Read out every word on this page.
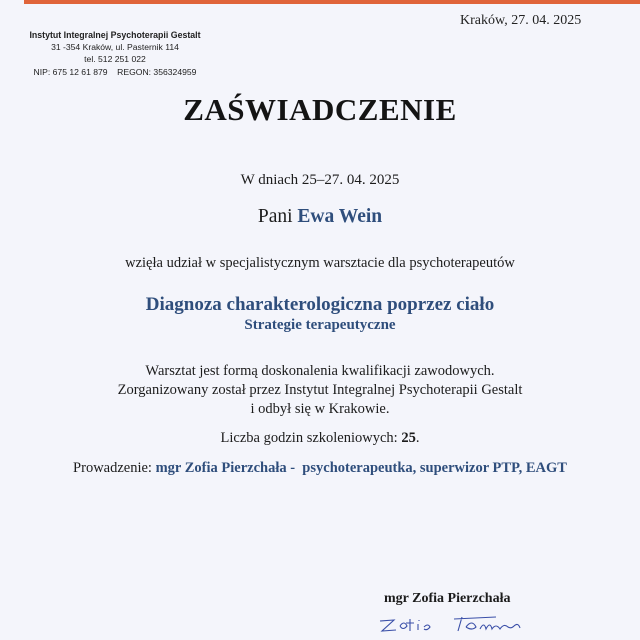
Instytut Integralnej Psychoterapii Gestalt
31 -354 Kraków, ul. Pasternik 114
tel. 512 251 022
NIP: 675 12 61 879    REGON: 356324959
Kraków, 27. 04. 2025
ZAŚWIADCZENIE
W dniach 25–27. 04. 2025
Pani Ewa Wein
wzięła udział w specjalistycznym warsztacie dla psychoterapeutów
Diagnoza charakterologiczna poprzez ciało
Strategie terapeutyczne
Warsztat jest formą doskonalenia kwalifikacji zawodowych.
Zorganizowany został przez Instytut Integralnej Psychoterapii Gestalt
i odbył się w Krakowie.
Liczba godzin szkoleniowych: 25.
Prowadzenie: mgr Zofia Pierzchała -  psychoterapeutka, superwizor PTP, EAGT
mgr Zofia Pierzchała
